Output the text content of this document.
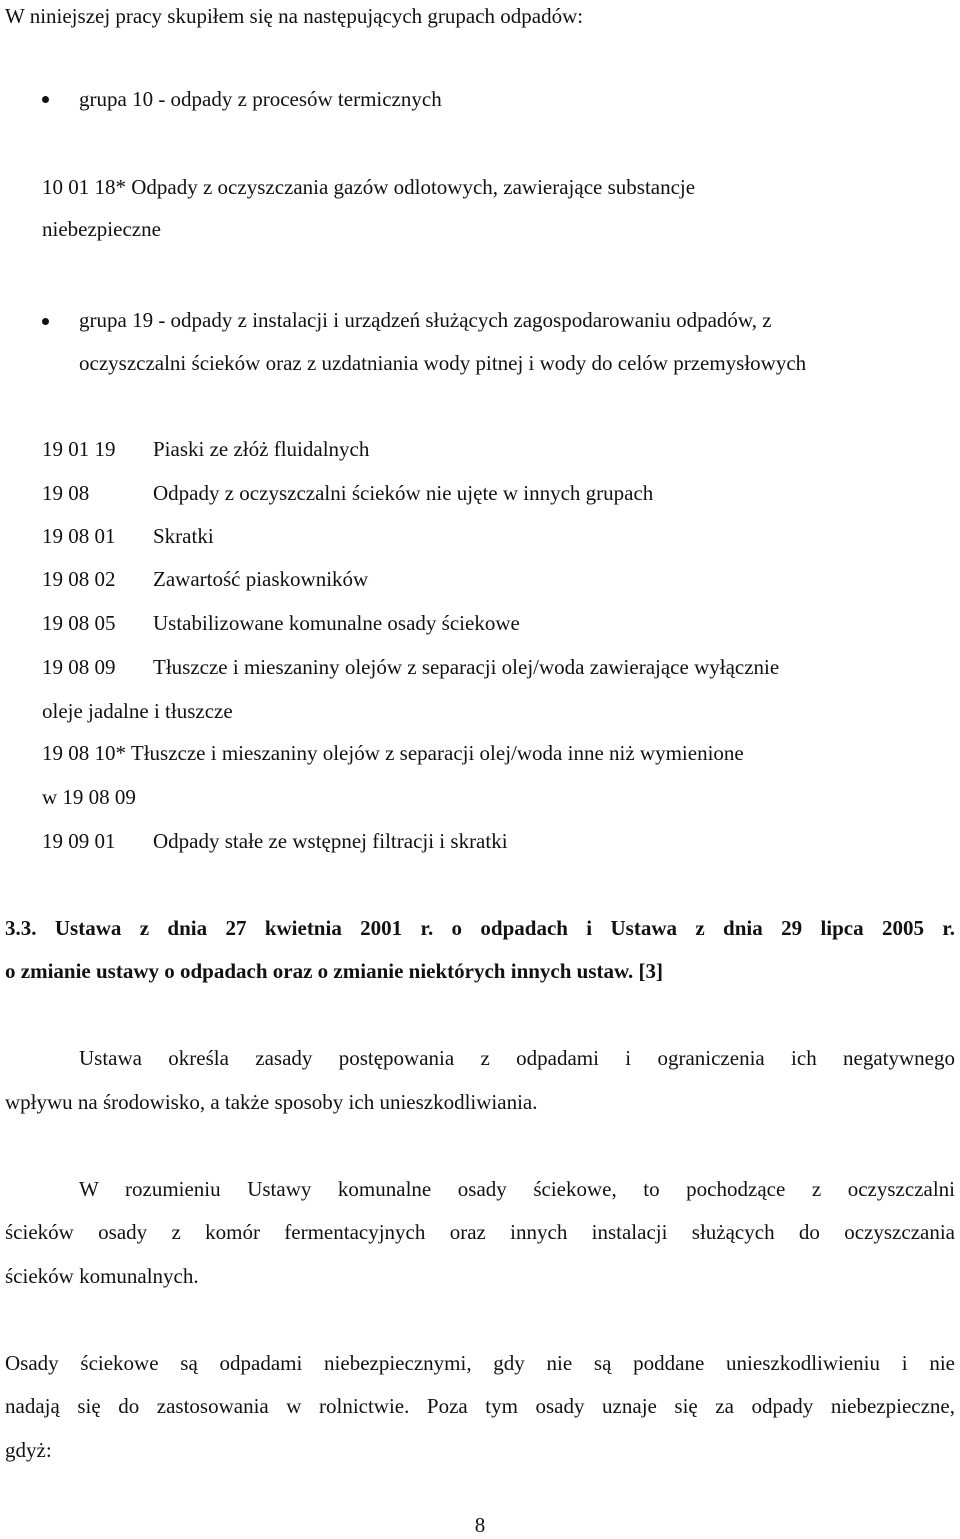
W niniejszej pracy skupiłem się na następujących grupach odpadów:
grupa 10 - odpady z procesów termicznych
10 01 18* Odpady z oczyszczania gazów odlotowych, zawierające substancje
niebezpieczne
grupa 19 - odpady z instalacji i urządzeń służących zagospodarowaniu odpadów, z
oczyszczalni ścieków oraz z uzdatniania wody pitnej i wody do celów przemysłowych
19 01 19 Piaski ze złóż fluidalnych
19 08	Odpady z oczyszczalni ścieków nie ujęte w innych grupach
19 08 01 Skratki
19 08 02 Zawartość piaskowników
19 08 05 Ustabilizowane komunalne osady ściekowe
19 08 09 Tłuszcze i mieszaniny olejów z separacji olej/woda zawierające wyłącznie
oleje jadalne i tłuszcze
19 08 10* Tłuszcze i mieszaniny olejów z separacji olej/woda inne niż wymienione
w 19 08 09
19 09 01 Odpady stałe ze wstępnej filtracji i skratki
3.3. Ustawa z dnia 27 kwietnia 2001 r. o odpadach i Ustawa z dnia 29 lipca 2005 r.
o zmianie ustawy o odpadach oraz o zmianie niektórych innych ustaw. [3]
Ustawa określa zasady postępowania z odpadami i ograniczenia ich negatywnego
wpływu na środowisko, a także sposoby ich unieszkodliwiania.
W rozumieniu Ustawy komunalne osady ściekowe, to pochodzące z oczyszczalni
ścieków osady z komór fermentacyjnych oraz innych instalacji służących do oczyszczania
ścieków komunalnych.
Osady ściekowe są odpadami niebezpiecznymi, gdy nie są poddane unieszkodliwieniu i nie
nadają się do zastosowania w rolnictwie. Poza tym osady uznaje się za odpady niebezpieczne,
gdyż:
8
